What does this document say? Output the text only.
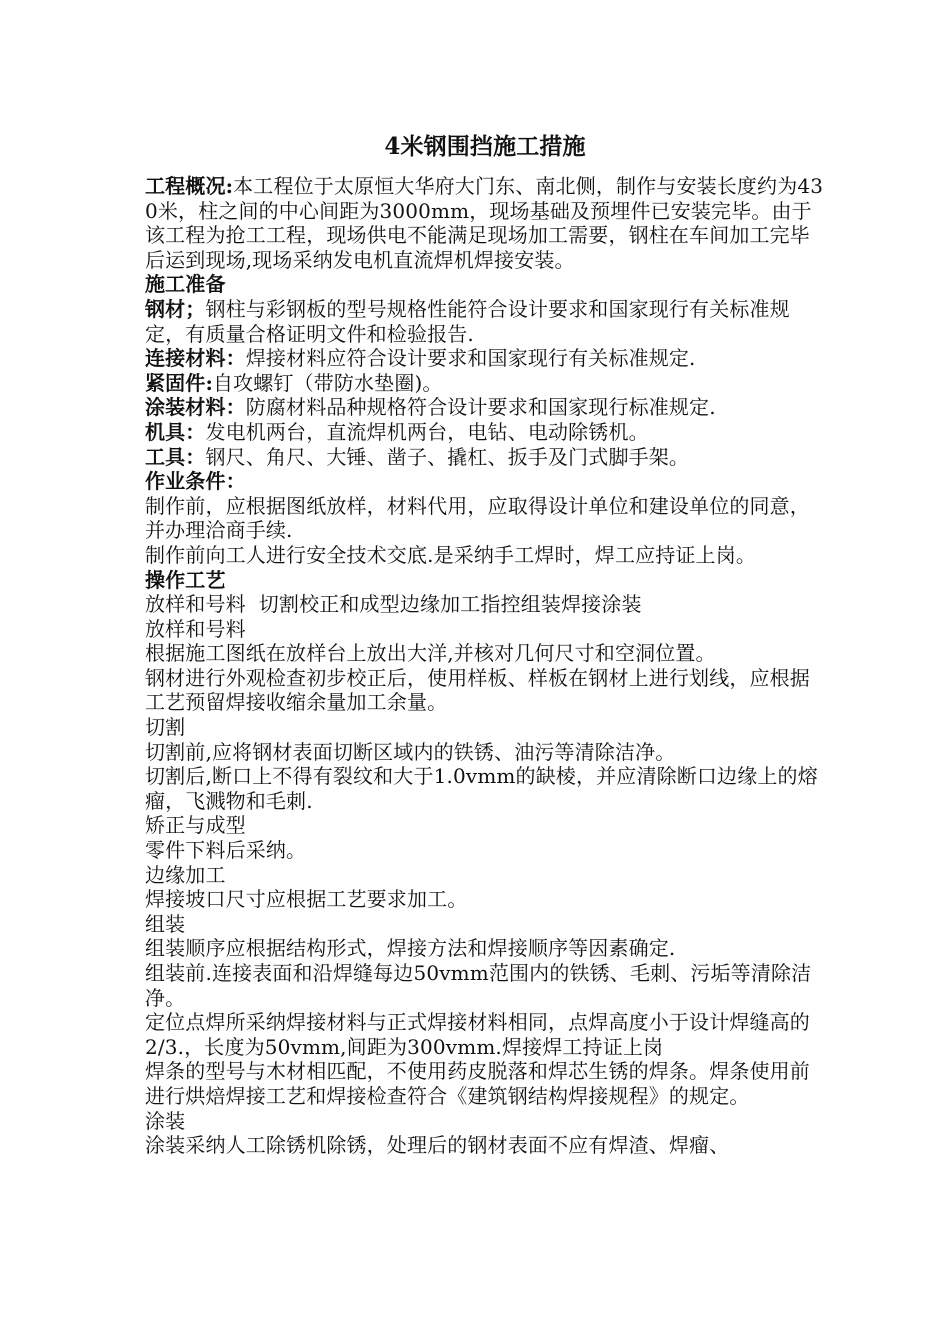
4米钢围挡施工措施

工程概况:本工程位于太原恒大华府大门东、南北侧，制作与安装长度约为430米，柱之间的中心间距为3000mm，现场基础及预埋件已安装完毕。由于该工程为抢工工程，现场供电不能满足现场加工需要，钢柱在车间加工完毕后运到现场,现场采纳发电机直流焊机焊接安装。

施工准备

钢材；钢柱与彩钢板的型号规格性能符合设计要求和国家现行有关标准规定，有质量合格证明文件和检验报告.

连接材料：焊接材料应符合设计要求和国家现行有关标准规定.

紧固件:自攻螺钉（带防水垫圈)。

涂装材料：防腐材料品种规格符合设计要求和国家现行标准规定.

机具：发电机两台，直流焊机两台，电钻、电动除锈机。

工具：钢尺、角尺、大锤、凿子、撬杠、扳手及门式脚手架。

作业条件：

制作前，应根据图纸放样，材料代用，应取得设计单位和建设单位的同意，并办理洽商手续.

制作前向工人进行安全技术交底.是采纳手工焊时，焊工应持证上岗。

操作工艺

放样和号料  切割校正和成型边缘加工指控组装焊接涂装

放样和号料

根据施工图纸在放样台上放出大洋,并核对几何尺寸和空洞位置。

钢材进行外观检查初步校正后，使用样板、样板在钢材上进行划线，应根据工艺预留焊接收缩余量加工余量。

切割

切割前,应将钢材表面切断区域内的铁锈、油污等清除洁净。

切割后,断口上不得有裂纹和大于1.0vmm的缺棱，并应清除断口边缘上的熔瘤，飞溅物和毛刺.

矫正与成型

零件下料后采纳。

边缘加工

焊接坡口尺寸应根据工艺要求加工。

组装

组装顺序应根据结构形式，焊接方法和焊接顺序等因素确定.

组装前.连接表面和沿焊缝每边50vmm范围内的铁锈、毛刺、污垢等清除洁净。

定位点焊所采纳焊接材料与正式焊接材料相同，点焊高度小于设计焊缝高的2/3.，长度为50vmm,间距为300vmm.焊接焊工持证上岗

焊条的型号与木材相匹配，不使用药皮脱落和焊芯生锈的焊条。焊条使用前进行烘焙焊接工艺和焊接检查符合《建筑钢结构焊接规程》的规定。

涂装

涂装采纳人工除锈机除锈，处理后的钢材表面不应有焊渣、焊瘤、
